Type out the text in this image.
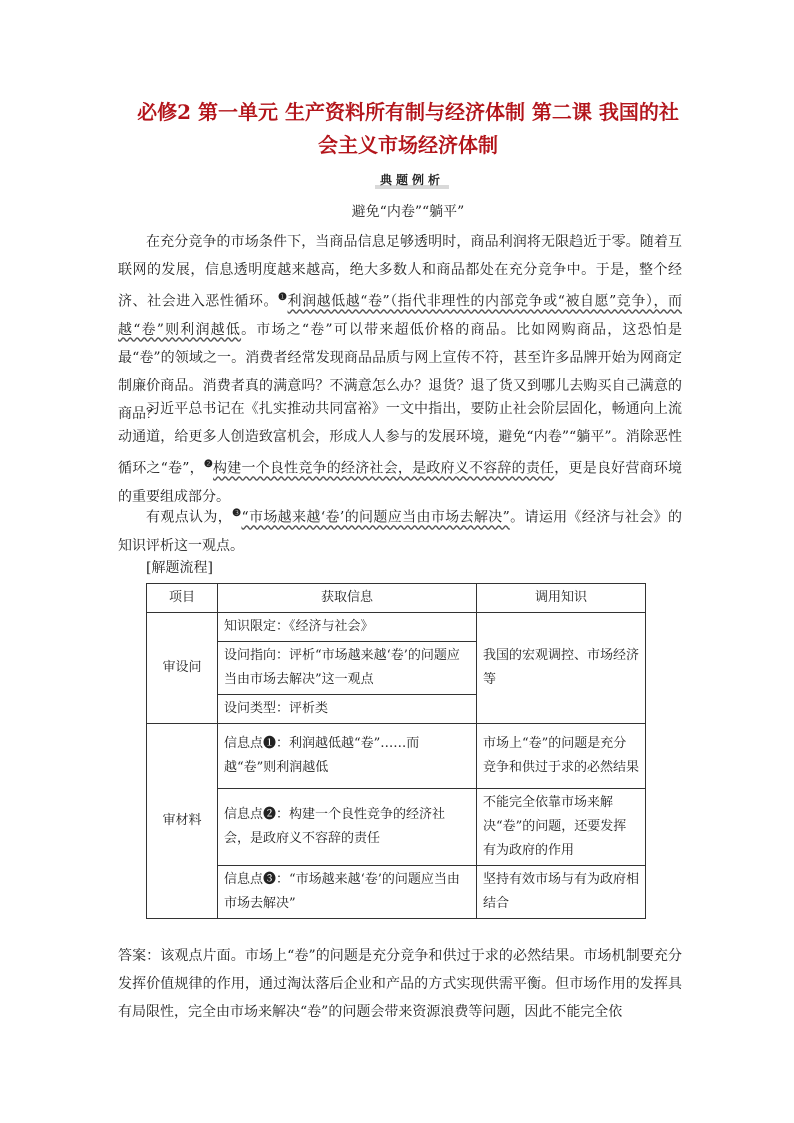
必修2 第一单元 生产资料所有制与经济体制 第二课 我国的社
会主义市场经济体制
典题例析
避免“内卷”“躺平”
在充分竞争的市场条件下，当商品信息足够透明时，商品利润将无限趋近于零。随着互联网的发展，信息透明度越来越高，绝大多数人和商品都处在充分竞争中。于是，整个经济、社会进入恶性循环。$^❶$利润越低越“卷”（指代非理性的内部竞争或“被自愿”竞争），而越“卷”则利润越低。市场之“卷”可以带来超低价格的商品。比如网购商品，这恐怕是最“卷”的领域之一。消费者经常发现商品品质与网上宣传不符，甚至许多品牌开始为网商定制廉价商品。消费者真的满意吗？不满意怎么办？退货？退了货又到哪儿去购买自己满意的商品？
习近平总书记在《扎实推动共同富裕》一文中指出，要防止社会阶层固化，畅通向上流动通道，给更多人创造致富机会，形成人人参与的发展环境，避免“内卷”“躺平”。消除恶性循环之“卷”，$^❷$构建一个良性竞争的经济社会，是政府义不容辞的责任，更是良好营商环境的重要组成部分。
有观点认为，$^❸$“市场越来越‘卷’的问题应当由市场去解决”。请运用《经济与社会》的知识评析这一观点。
[解题流程]
项目	获取信息	调用知识
审设问	知识限定：《经济与社会》	我国的宏观调控、市场经济等
	设问指向：评析“市场越来越‘卷’的问题应当由市场去解决”这一观点	
	设问类型：评析类	
审材料	信息点❶：利润越低越“卷”……而越“卷”则利润越低	市场上“卷”的问题是充分竞争和供过于求的必然结果
	信息点❷：构建一个良性竞争的经济社会，是政府义不容辞的责任	不能完全依靠市场来解决“卷”的问题，还要发挥有为政府的作用
	信息点❸：“市场越来越‘卷’的问题应当由市场去解决”	坚持有效市场与有为政府相结合
答案：该观点片面。市场上“卷”的问题是充分竞争和供过于求的必然结果。市场机制要充分发挥价值规律的作用，通过淘汰落后企业和产品的方式实现供需平衡。但市场作用的发挥具有局限性，完全由市场来解决“卷”的问题会带来资源浪费等问题，因此不能完全依
